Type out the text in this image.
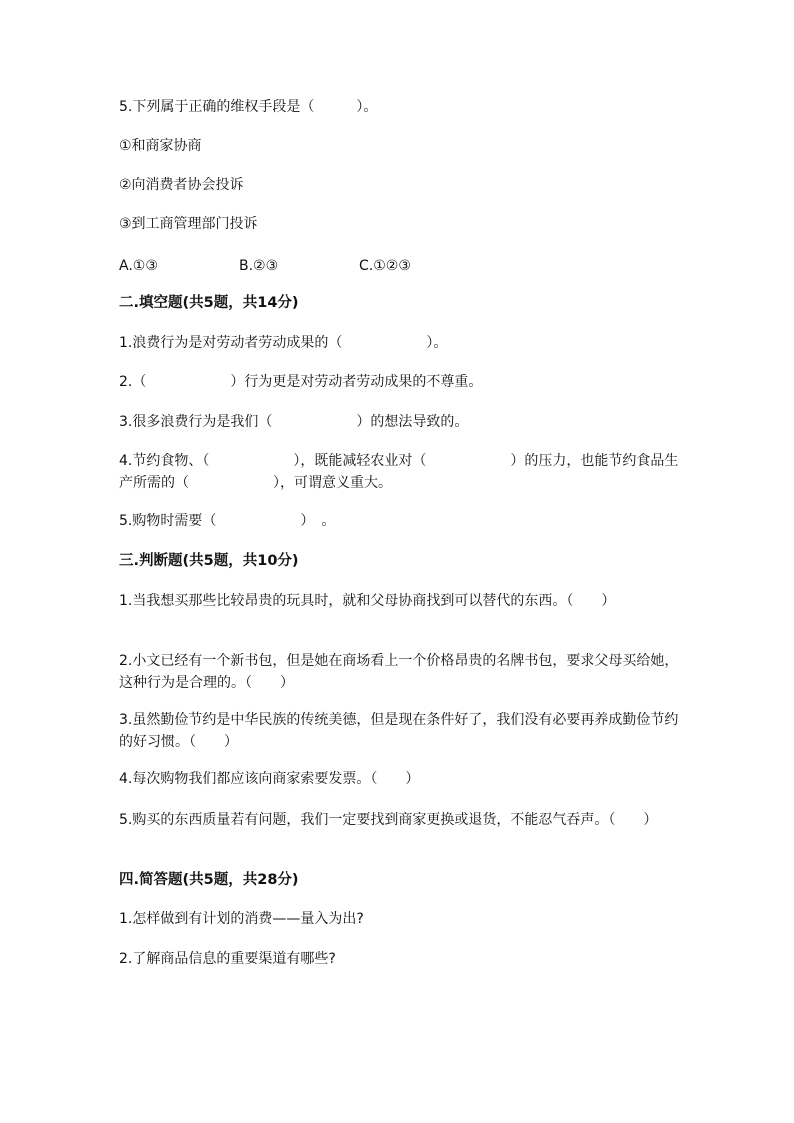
5.下列属于正确的维权手段是（　　　）。
①和商家协商
②向消费者协会投诉
③到工商管理部门投诉
A.①③	B.②③	C.①②③
二.填空题(共5题，共14分)
1.浪费行为是对劳动者劳动成果的（　　　　　　）。
2.（　　　　　　）行为更是对劳动者劳动成果的不尊重。
3.很多浪费行为是我们（　　　　　　）的想法导致的。
4.节约食物、（　　　　　　），既能减轻农业对（　　　　　　）的压力，也能节约食品生产所需的（　　　　　　），可谓意义重大。
5.购物时需要（　　　　　　）　。
三.判断题(共5题，共10分)
1.当我想买那些比较昂贵的玩具时，就和父母协商找到可以替代的东西。（　　）
2.小文已经有一个新书包，但是她在商场看上一个价格昂贵的名牌书包，要求父母买给她，这种行为是合理的。（　　）
3.虽然勤俭节约是中华民族的传统美德，但是现在条件好了，我们没有必要再养成勤俭节约的好习惯。（　　）
4.每次购物我们都应该向商家索要发票。（　　）
5.购买的东西质量若有问题，我们一定要找到商家更换或退货，不能忍气吞声。（　　）
四.简答题(共5题，共28分)
1.怎样做到有计划的消费——量入为出?
2.了解商品信息的重要渠道有哪些?
